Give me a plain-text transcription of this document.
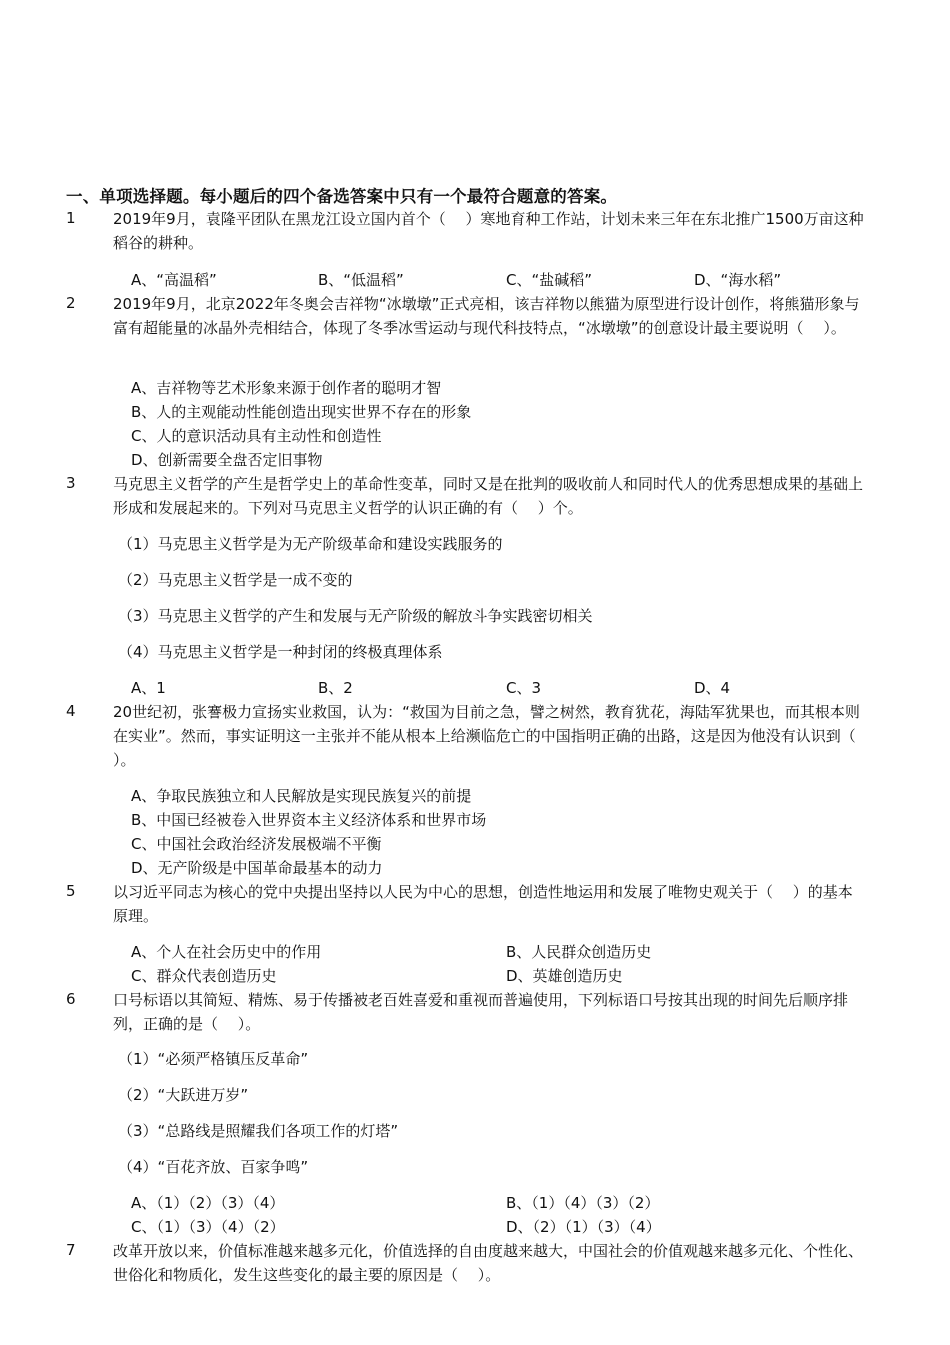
一、单项选择题。每小题后的四个备选答案中只有一个最符合题意的答案。
1 2019年9月，袁隆平团队在黑龙江设立国内首个（　 ）寒地育种工作站，计划未来三年在东北推广1500万亩这种稻谷的耕种。
A、“高温稻”	B、“低温稻”	C、“盐碱稻”	D、“海水稻”
2 2019年9月，北京2022年冬奥会吉祥物“冰墩墩”正式亮相，该吉祥物以熊猫为原型进行设计创作，将熊猫形象与富有超能量的冰晶外壳相结合，体现了冬季冰雪运动与现代科技特点，“冰墩墩”的创意设计最主要说明（　 ）。
A、吉祥物等艺术形象来源于创作者的聪明才智
B、人的主观能动性能创造出现实世界不存在的形象
C、人的意识活动具有主动性和创造性
D、创新需要全盘否定旧事物
3 马克思主义哲学的产生是哲学史上的革命性变革，同时又是在批判的吸收前人和同时代人的优秀思想成果的基础上形成和发展起来的。下列对马克思主义哲学的认识正确的有（　 ）个。
（1）马克思主义哲学是为无产阶级革命和建设实践服务的
（2）马克思主义哲学是一成不变的
（3）马克思主义哲学的产生和发展与无产阶级的解放斗争实践密切相关
（4）马克思主义哲学是一种封闭的终极真理体系
A、1	B、2	C、3	D、4
4 20世纪初，张謇极力宣扬实业救国，认为：“救国为目前之急，譬之树然，教育犹花，海陆军犹果也，而其根本则在实业”。然而，事实证明这一主张并不能从根本上给濒临危亡的中国指明正确的出路，这是因为他没有认识到（　 ）。
A、争取民族独立和人民解放是实现民族复兴的前提
B、中国已经被卷入世界资本主义经济体系和世界市场
C、中国社会政治经济发展极端不平衡
D、无产阶级是中国革命最基本的动力
5 以习近平同志为核心的党中央提出坚持以人民为中心的思想，创造性地运用和发展了唯物史观关于（　 ）的基本原理。
A、个人在社会历史中的作用	B、人民群众创造历史
C、群众代表创造历史	D、英雄创造历史
6 口号标语以其简短、精炼、易于传播被老百姓喜爱和重视而普遍使用，下列标语口号按其出现的时间先后顺序排列，正确的是（　 ）。
（1）“必须严格镇压反革命”
（2）“大跃进万岁”
（3）“总路线是照耀我们各项工作的灯塔”
（4）“百花齐放、百家争鸣”
A、（1）（2）（3）（4）	B、（1）（4）（3）（2）
C、（1）（3）（4）（2）	D、（2）（1）（3）（4）
7 改革开放以来，价值标准越来越多元化，价值选择的自由度越来越大，中国社会的价值观越来越多元化、个性化、世俗化和物质化，发生这些变化的最主要的原因是（　 ）。
